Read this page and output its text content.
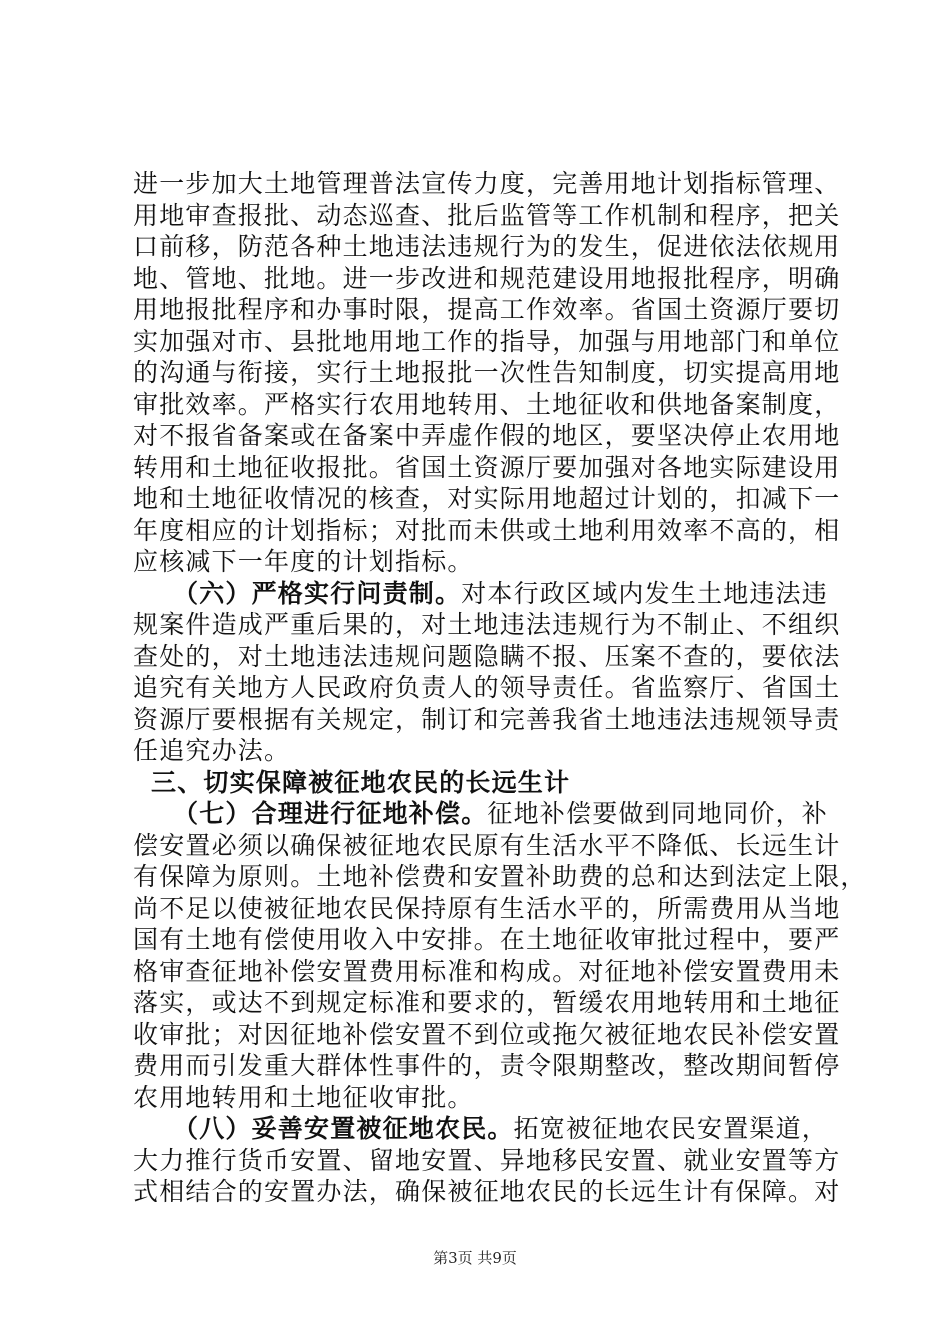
进一步加大土地管理普法宣传力度，完善用地计划指标管理、
用地审查报批、动态巡查、批后监管等工作机制和程序，把关
口前移，防范各种土地违法违规行为的发生，促进依法依规用
地、管地、批地。进一步改进和规范建设用地报批程序，明确
用地报批程序和办事时限，提高工作效率。省国土资源厅要切
实加强对市、县批地用地工作的指导，加强与用地部门和单位
的沟通与衔接，实行土地报批一次性告知制度，切实提高用地
审批效率。严格实行农用地转用、土地征收和供地备案制度，
对不报省备案或在备案中弄虚作假的地区，要坚决停止农用地
转用和土地征收报批。省国土资源厅要加强对各地实际建设用
地和土地征收情况的核查，对实际用地超过计划的，扣减下一
年度相应的计划指标；对批而未供或土地利用效率不高的，相
应核减下一年度的计划指标。
（六）严格实行问责制。对本行政区域内发生土地违法违
规案件造成严重后果的，对土地违法违规行为不制止、不组织
查处的，对土地违法违规问题隐瞒不报、压案不查的，要依法
追究有关地方人民政府负责人的领导责任。省监察厅、省国土
资源厅要根据有关规定，制订和完善我省土地违法违规领导责
任追究办法。
三、切实保障被征地农民的长远生计
（七）合理进行征地补偿。征地补偿要做到同地同价，补
偿安置必须以确保被征地农民原有生活水平不降低、长远生计
有保障为原则。土地补偿费和安置补助费的总和达到法定上限，
尚不足以使被征地农民保持原有生活水平的，所需费用从当地
国有土地有偿使用收入中安排。在土地征收审批过程中，要严
格审查征地补偿安置费用标准和构成。对征地补偿安置费用未
落实，或达不到规定标准和要求的，暂缓农用地转用和土地征
收审批；对因征地补偿安置不到位或拖欠被征地农民补偿安置
费用而引发重大群体性事件的，责令限期整改，整改期间暂停
农用地转用和土地征收审批。
（八）妥善安置被征地农民。拓宽被征地农民安置渠道，
大力推行货币安置、留地安置、异地移民安置、就业安置等方
式相结合的安置办法，确保被征地农民的长远生计有保障。对
第3页 共9页
